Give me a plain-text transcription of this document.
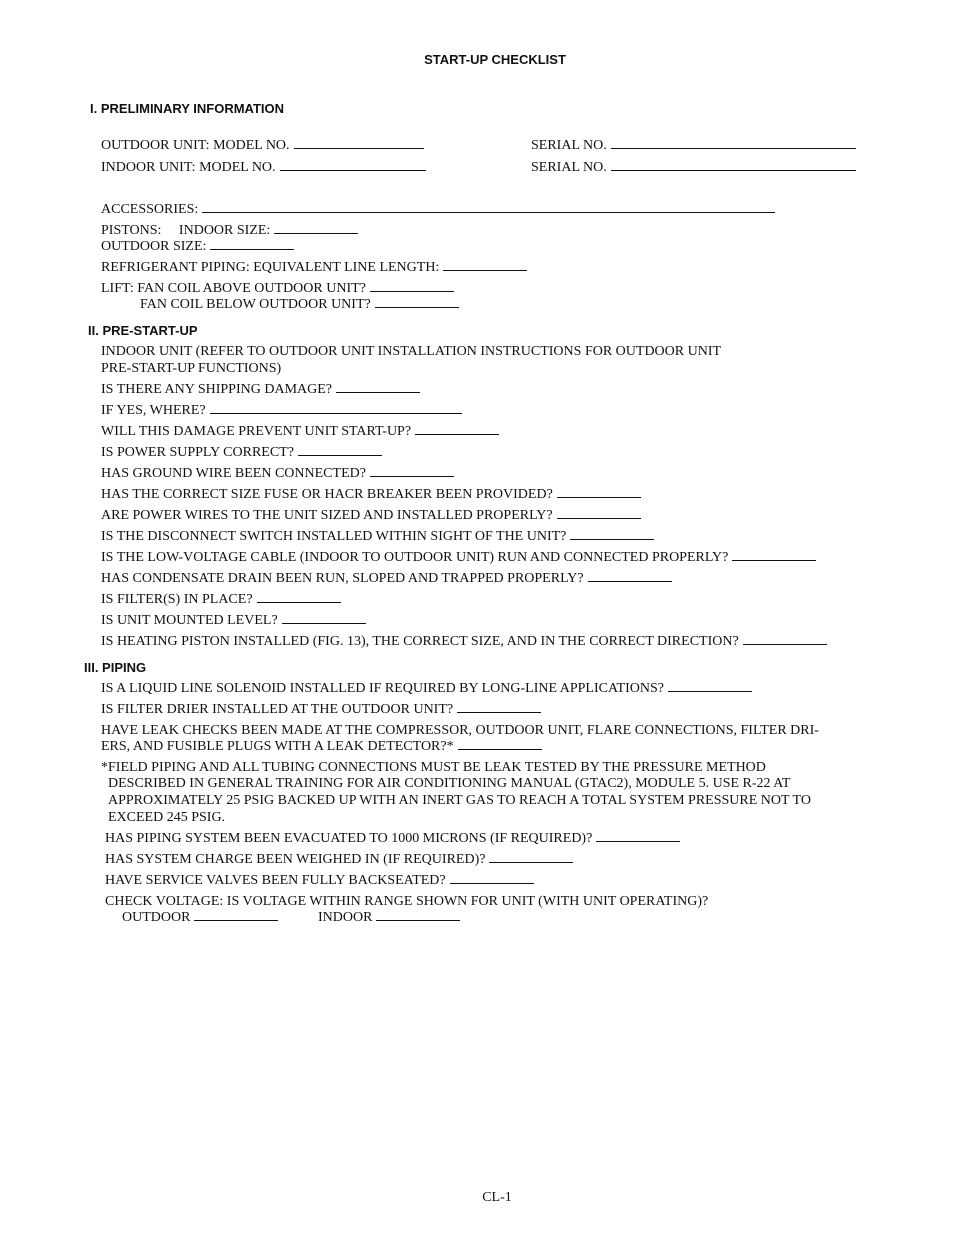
START-UP CHECKLIST
I. PRELIMINARY INFORMATION
OUTDOOR UNIT: MODEL NO.	SERIAL NO.
INDOOR UNIT: MODEL NO.	SERIAL NO.
ACCESSORIES:
PISTONS:     INDOOR SIZE:
OUTDOOR SIZE:
REFRIGERANT PIPING: EQUIVALENT LINE LENGTH:
LIFT: FAN COIL ABOVE OUTDOOR UNIT?
FAN COIL BELOW OUTDOOR UNIT?
II. PRE-START-UP
INDOOR UNIT (REFER TO OUTDOOR UNIT INSTALLATION INSTRUCTIONS FOR OUTDOOR UNIT
PRE-START-UP FUNCTIONS)
IS THERE ANY SHIPPING DAMAGE?
IF YES, WHERE?
WILL THIS DAMAGE PREVENT UNIT START-UP?
IS POWER SUPPLY CORRECT?
HAS GROUND WIRE BEEN CONNECTED?
HAS THE CORRECT SIZE FUSE OR HACR BREAKER BEEN PROVIDED?
ARE POWER WIRES TO THE UNIT SIZED AND INSTALLED PROPERLY?
IS THE DISCONNECT SWITCH INSTALLED WITHIN SIGHT OF THE UNIT?
IS THE LOW-VOLTAGE CABLE (INDOOR TO OUTDOOR UNIT) RUN AND CONNECTED PROPERLY?
HAS CONDENSATE DRAIN BEEN RUN, SLOPED AND TRAPPED PROPERLY?
IS FILTER(S) IN PLACE?
IS UNIT MOUNTED LEVEL?
IS HEATING PISTON INSTALLED (FIG. 13), THE CORRECT SIZE, AND IN THE CORRECT DIRECTION?
III. PIPING
IS A LIQUID LINE SOLENOID INSTALLED IF REQUIRED BY LONG-LINE APPLICATIONS?
IS FILTER DRIER INSTALLED AT THE OUTDOOR UNIT?
HAVE LEAK CHECKS BEEN MADE AT THE COMPRESSOR, OUTDOOR UNIT, FLARE CONNECTIONS, FILTER DRI-
ERS, AND FUSIBLE PLUGS WITH A LEAK DETECTOR?*
*FIELD PIPING AND ALL TUBING CONNECTIONS MUST BE LEAK TESTED BY THE PRESSURE METHOD
DESCRIBED IN GENERAL TRAINING FOR AIR CONDITIONING MANUAL (GTAC2), MODULE 5. USE R-22 AT
APPROXIMATELY 25 PSIG BACKED UP WITH AN INERT GAS TO REACH A TOTAL SYSTEM PRESSURE NOT TO
EXCEED 245 PSIG.
HAS PIPING SYSTEM BEEN EVACUATED TO 1000 MICRONS (IF REQUIRED)?
HAS SYSTEM CHARGE BEEN WEIGHED IN (IF REQUIRED)?
HAVE SERVICE VALVES BEEN FULLY BACKSEATED?
CHECK VOLTAGE: IS VOLTAGE WITHIN RANGE SHOWN FOR UNIT (WITH UNIT OPERATING)?
OUTDOOR	INDOOR
CL-1
